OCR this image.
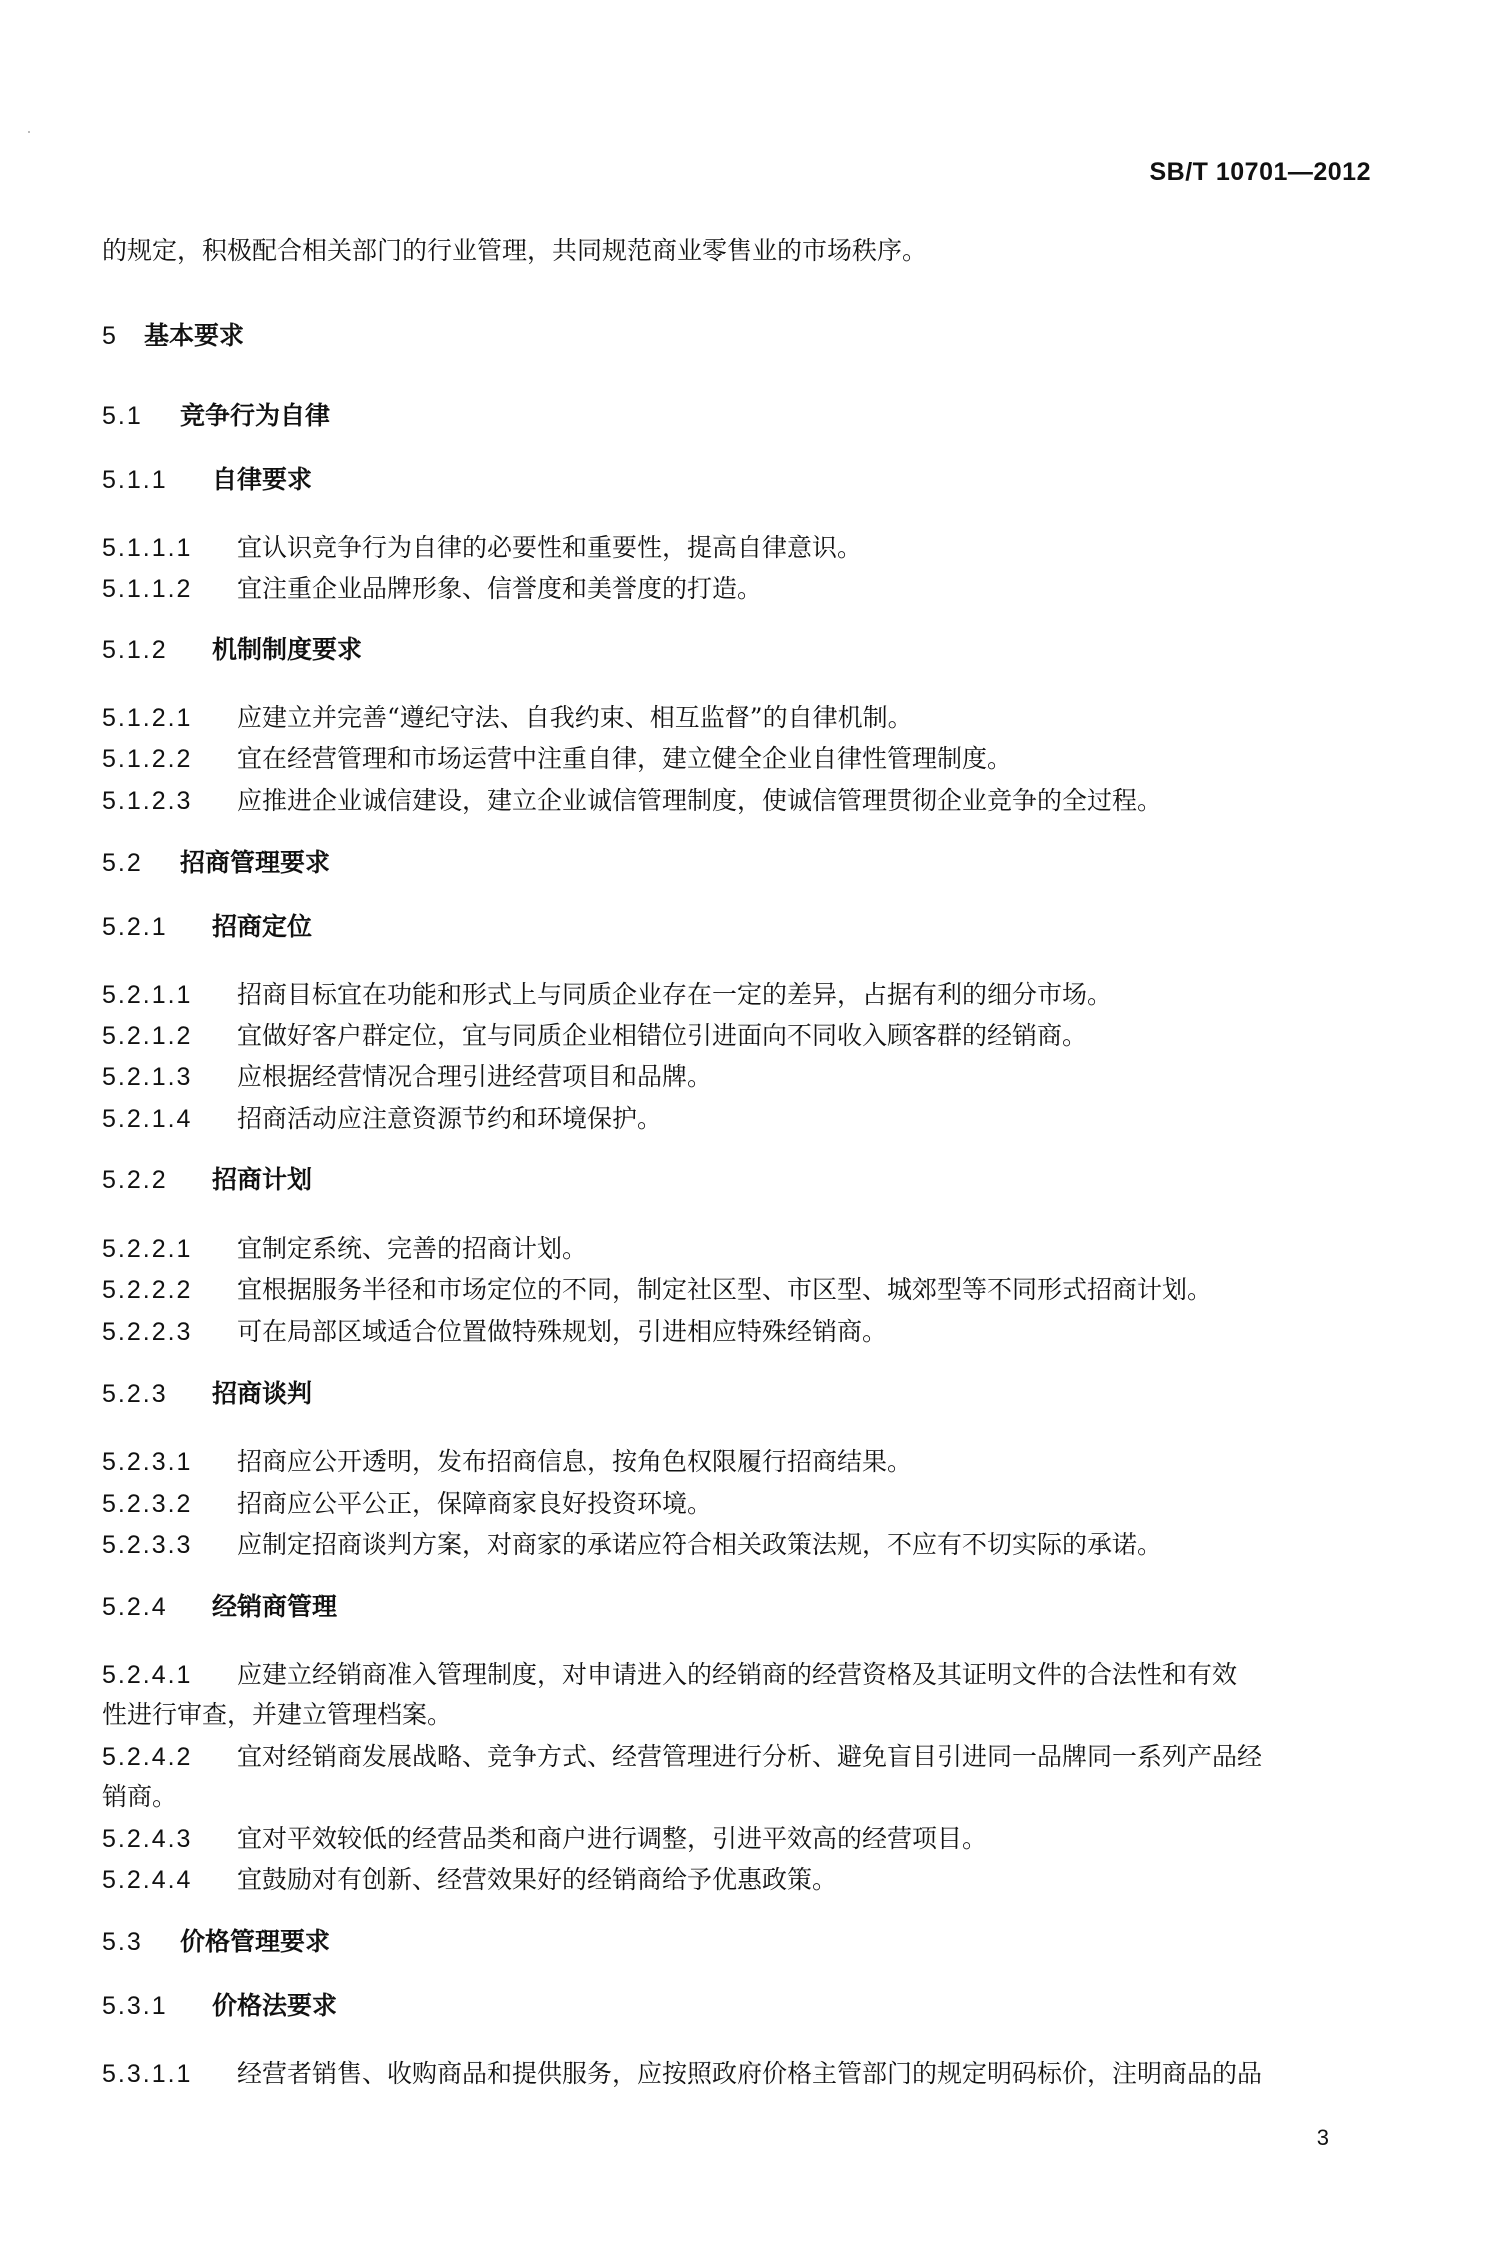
SB/T 10701—2012
的规定，积极配合相关部门的行业管理，共同规范商业零售业的市场秩序。
5 基本要求
5.1 竞争行为自律
5.1.1 自律要求
5.1.1.1 宜认识竞争行为自律的必要性和重要性，提高自律意识。
5.1.1.2 宜注重企业品牌形象、信誉度和美誉度的打造。
5.1.2 机制制度要求
5.1.2.1 应建立并完善“遵纪守法、自我约束、相互监督”的自律机制。
5.1.2.2 宜在经营管理和市场运营中注重自律，建立健全企业自律性管理制度。
5.1.2.3 应推进企业诚信建设，建立企业诚信管理制度，使诚信管理贯彻企业竞争的全过程。
5.2 招商管理要求
5.2.1 招商定位
5.2.1.1 招商目标宜在功能和形式上与同质企业存在一定的差异，占据有利的细分市场。
5.2.1.2 宜做好客户群定位，宜与同质企业相错位引进面向不同收入顾客群的经销商。
5.2.1.3 应根据经营情况合理引进经营项目和品牌。
5.2.1.4 招商活动应注意资源节约和环境保护。
5.2.2 招商计划
5.2.2.1 宜制定系统、完善的招商计划。
5.2.2.2 宜根据服务半径和市场定位的不同，制定社区型、市区型、城郊型等不同形式招商计划。
5.2.2.3 可在局部区域适合位置做特殊规划，引进相应特殊经销商。
5.2.3 招商谈判
5.2.3.1 招商应公开透明，发布招商信息，按角色权限履行招商结果。
5.2.3.2 招商应公平公正，保障商家良好投资环境。
5.2.3.3 应制定招商谈判方案，对商家的承诺应符合相关政策法规，不应有不切实际的承诺。
5.2.4 经销商管理
5.2.4.1 应建立经销商准入管理制度，对申请进入的经销商的经营资格及其证明文件的合法性和有效
性进行审查，并建立管理档案。
5.2.4.2 宜对经销商发展战略、竞争方式、经营管理进行分析、避免盲目引进同一品牌同一系列产品经
销商。
5.2.4.3 宜对平效较低的经营品类和商户进行调整，引进平效高的经营项目。
5.2.4.4 宜鼓励对有创新、经营效果好的经销商给予优惠政策。
5.3 价格管理要求
5.3.1 价格法要求
5.3.1.1 经营者销售、收购商品和提供服务，应按照政府价格主管部门的规定明码标价，注明商品的品
3
